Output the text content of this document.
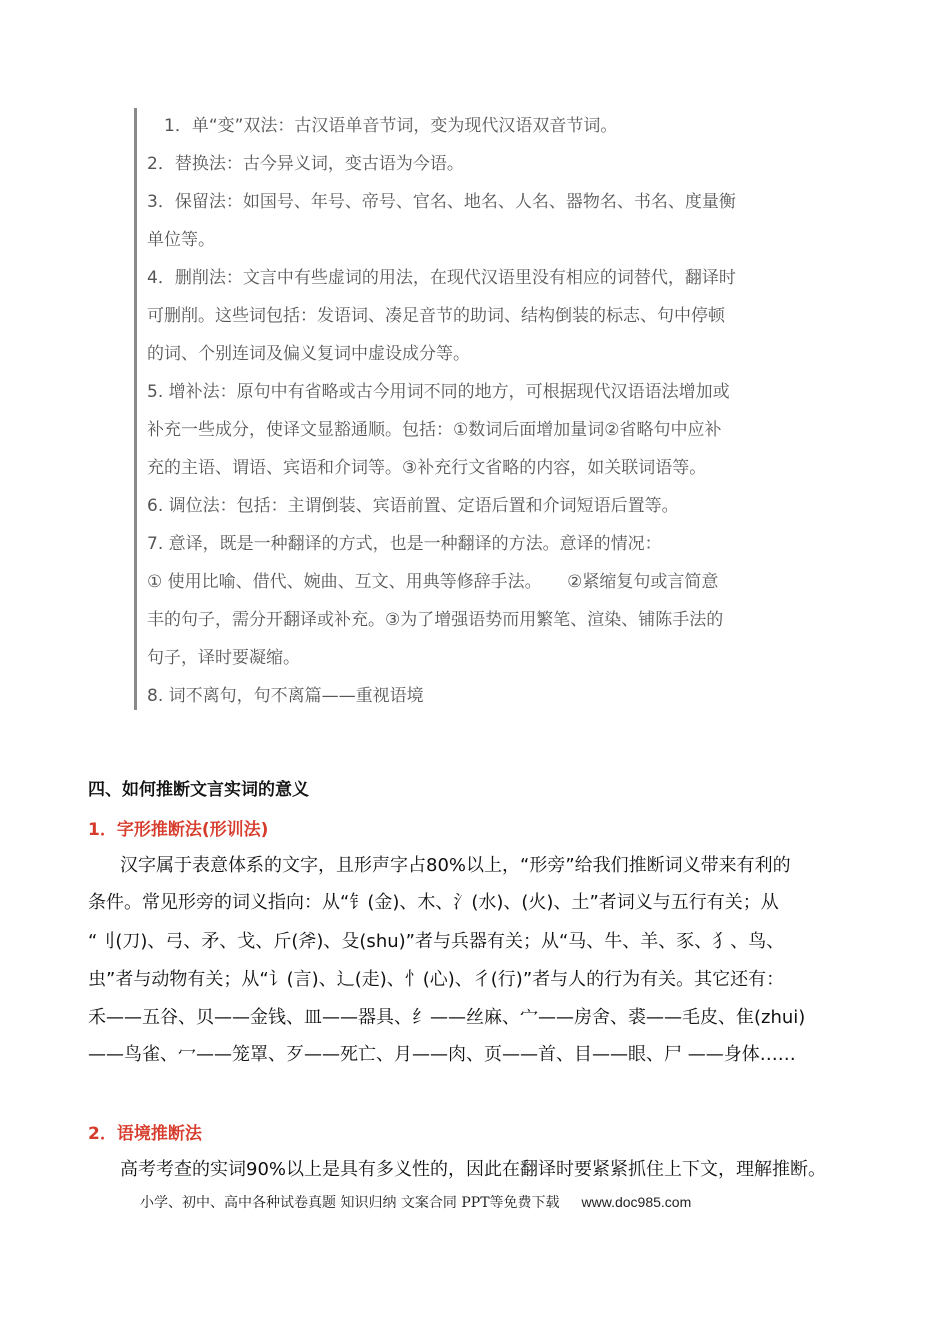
　1．单“变”双法：古汉语单音节词，变为现代汉语双音节词。
2．替换法：古今异义词，变古语为今语。
3．保留法：如国号、年号、帝号、官名、地名、人名、器物名、书名、度量衡
单位等。
4．删削法：文言中有些虚词的用法，在现代汉语里没有相应的词替代，翻译时
可删削。这些词包括：发语词、凑足音节的助词、结构倒装的标志、句中停顿
的词、个别连词及偏义复词中虚设成分等。
5. 增补法：原句中有省略或古今用词不同的地方，可根据现代汉语语法增加或
补充一些成分，使译文显豁通顺。包括：①数词后面增加量词②省略句中应补
充的主语、谓语、宾语和介词等。③补充行文省略的内容，如关联词语等。
6. 调位法：包括：主谓倒装、宾语前置、定语后置和介词短语后置等。
7. 意译，既是一种翻译的方式，也是一种翻译的方法。意译的情况：
① 使用比喻、借代、婉曲、互文、用典等修辞手法。　　②紧缩复句或言简意
丰的句子，需分开翻译或补充。③为了增强语势而用繁笔、渲染、铺陈手法的
句子，译时要凝缩。
8. 词不离句，句不离篇——重视语境
四、如何推断文言实词的意义
1．字形推断法(形训法)
汉字属于表意体系的文字，且形声字占80%以上，“形旁”给我们推断词义带来有利的
条件。常见形旁的词义指向：从“钅(金)、木、氵(水)、(火)、土”者词义与五行有关；从
“刂(刀)、弓、矛、戈、斤(斧)、殳(shu)”者与兵器有关；从“马、牛、羊、豕、犭、鸟、
虫”者与动物有关；从“讠(言)、辶(走)、忄(心)、彳(行)”者与人的行为有关。其它还有：
禾——五谷、贝——金钱、皿——器具、纟——丝麻、宀——房舍、裘——毛皮、隹(zhui)
——鸟雀、冖——笼罩、歹——死亡、月——肉、页——首、目——眼、尸 ——身体……
2．语境推断法
高考考查的实词90%以上是具有多义性的，因此在翻译时要紧紧抓住上下文，理解推断。
小学、初中、高中各种试卷真题 知识归纳 文案合同 PPT等免费下载 www.doc985.com
